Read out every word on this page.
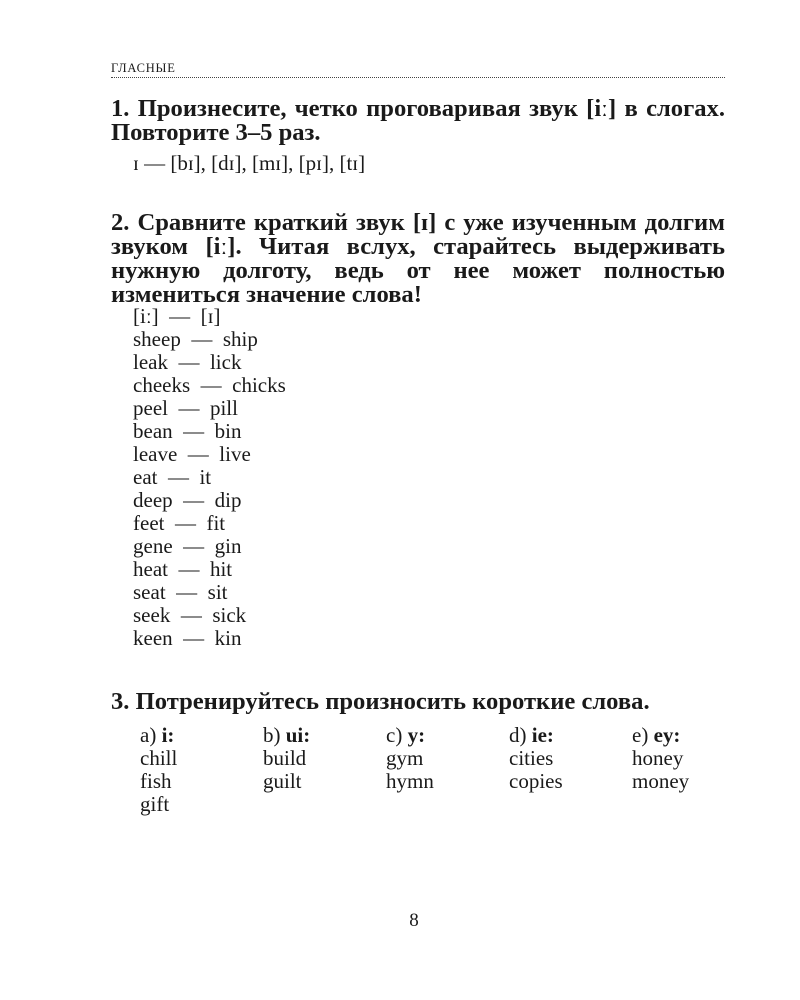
ГЛАСНЫЕ

1. Произнесите, четко проговаривая звук [iː] в слогах. Повторите 3–5 раз.

ɪ — [bɪ], [dɪ], [mɪ], [pɪ], [tɪ]

2. Сравните краткий звук [ɪ] с уже изученным долгим звуком [iː]. Читая вслух, старайтесь выдерживать нужную долготу, ведь от нее может полностью измениться значение слова!

[iː]  —  [ɪ]
sheep  —  ship
leak  —  lick
cheeks  —  chicks
peel  —  pill
bean  —  bin
leave  —  live
eat  —  it
deep  —  dip
feet  —  fit
gene  —  gin
heat  —  hit
seat  —  sit
seek  —  sick
keen  —  kin

3. Потренируйтесь произносить короткие слова.

a) i:
chill
fish
gift
b) ui:
build
guilt
c) y:
gym
hymn
d) ie:
cities
copies
e) ey:
honey
money
8
